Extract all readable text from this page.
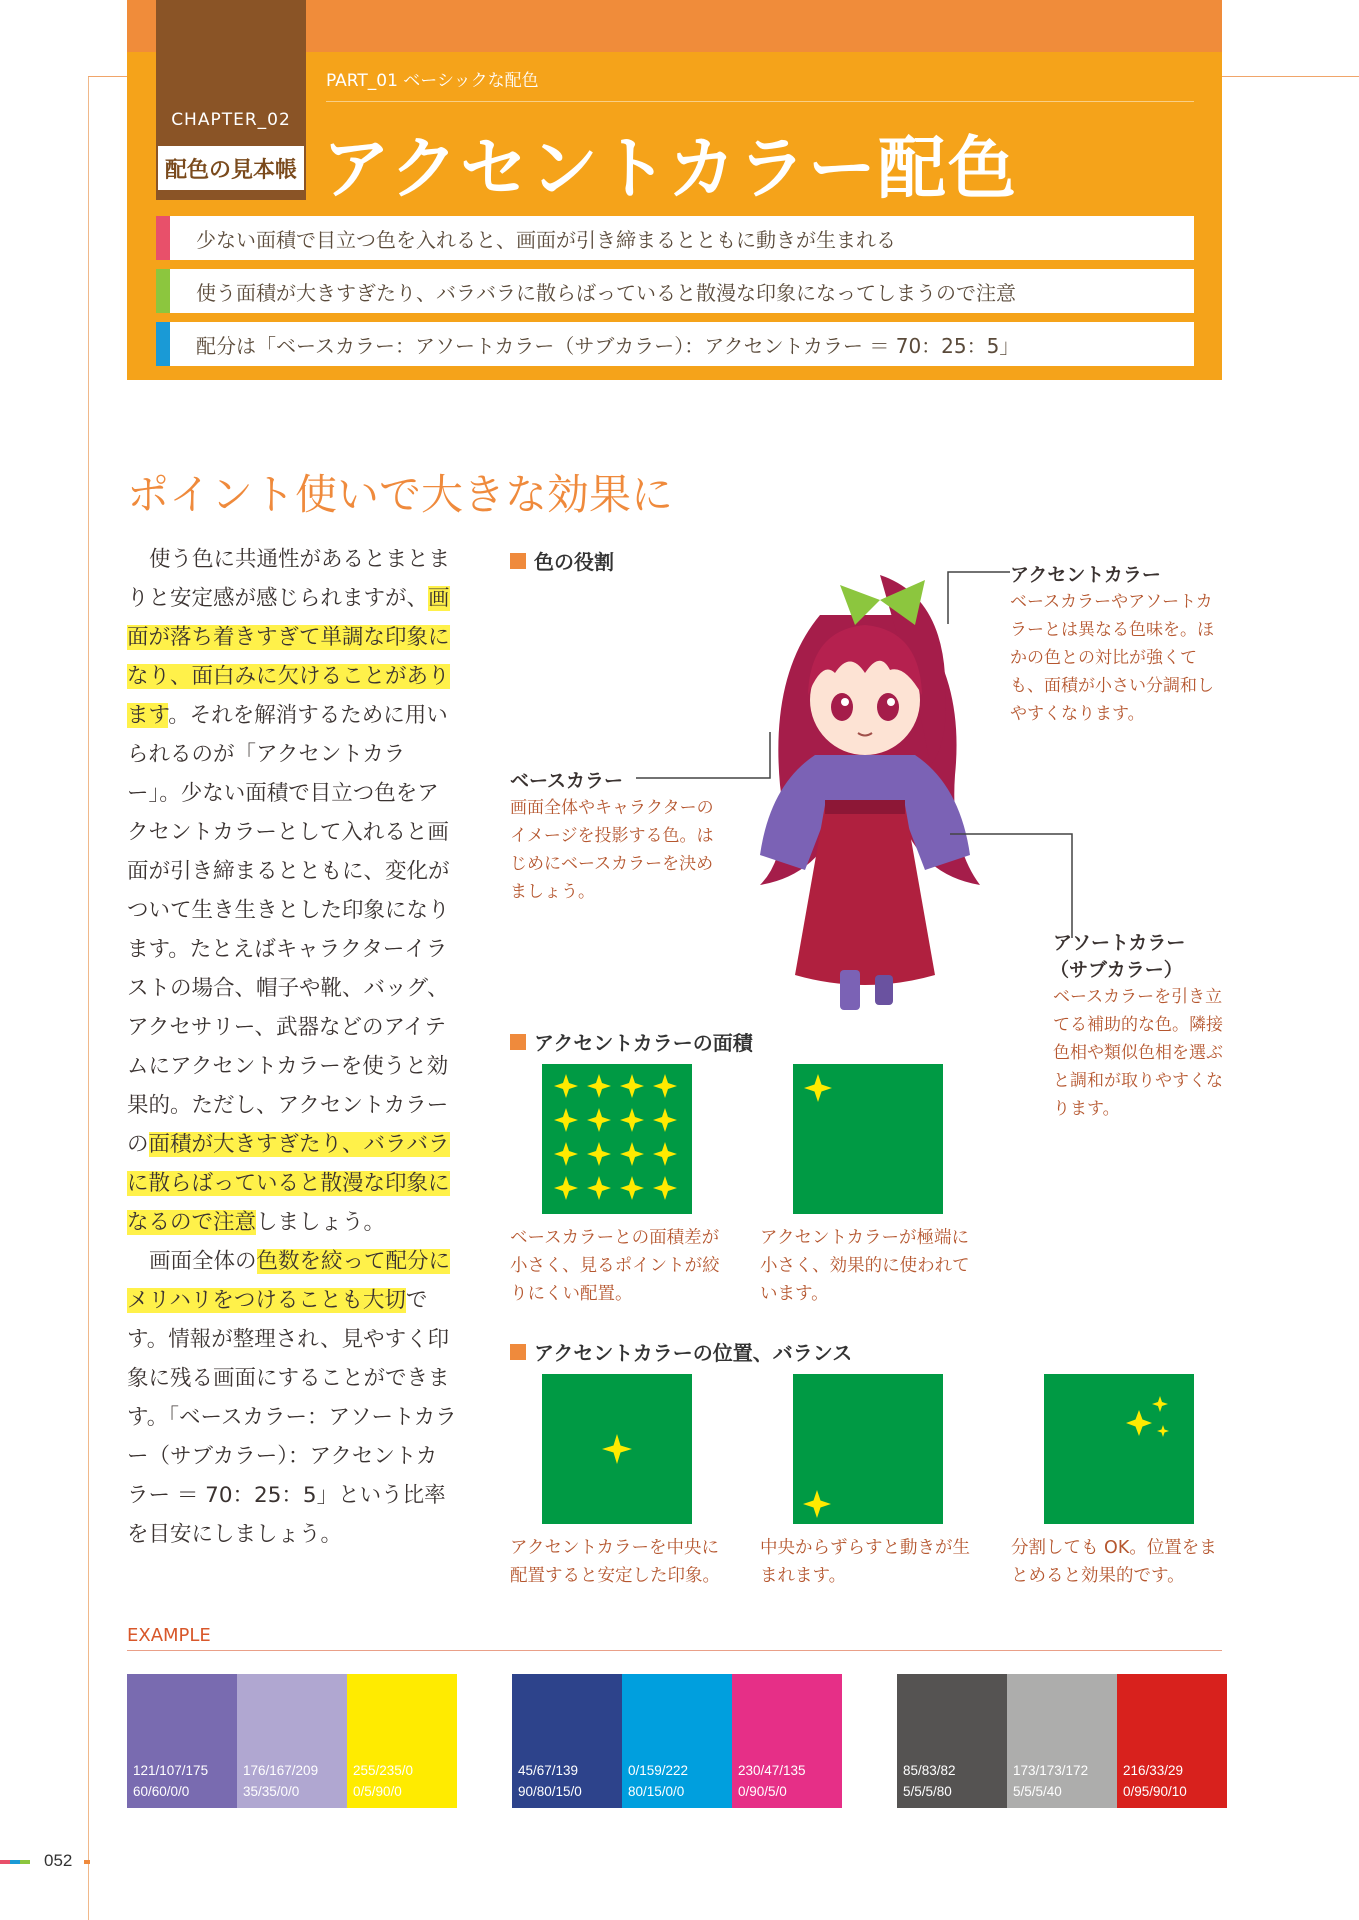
CHAPTER_02
配色の見本帳
PART_01 ベーシックな配色
アクセントカラー配色
少ない面積で目立つ色を入れると、画面が引き締まるとともに動きが生まれる
使う面積が大きすぎたり、バラバラに散らばっていると散漫な印象になってしまうので注意
配分は「ベースカラー：アソートカラー（サブカラー）：アクセントカラー ＝ 70：25：5」
ポイント使いで大きな効果に
使う色に共通性があるとまとまりと安定感が感じられますが、画面が落ち着きすぎて単調な印象になり、面白みに欠けることがあります。それを解消するために用いられるのが「アクセントカラー」。少ない面積で目立つ色をアクセントカラーとして入れると画面が引き締まるとともに、変化がついて生き生きとした印象になります。たとえばキャラクターイラストの場合、帽子や靴、バッグ、アクセサリー、武器などのアイテムにアクセントカラーを使うと効果的。ただし、アクセントカラーの面積が大きすぎたり、バラバラに散らばっていると散漫な印象になるので注意しましょう。
画面全体の色数を絞って配分にメリハリをつけることも大切です。情報が整理され、見やすく印象に残る画面にすることができます。「ベースカラー：アソートカラー（サブカラー）：アクセントカラー ＝ 70：25：5」という比率を目安にしましょう。
色の役割
アクセントカラー
ベースカラーやアソートカラーとは異なる色味を。ほかの色との対比が強くても、面積が小さい分調和しやすくなります。
ベースカラー
画面全体やキャラクターのイメージを投影する色。はじめにベースカラーを決めましょう。
アソートカラー
（サブカラー）
ベースカラーを引き立てる補助的な色。隣接色相や類似色相を選ぶと調和が取りやすくなります。
アクセントカラーの面積
ベースカラーとの面積差が小さく、見るポイントが絞りにくい配置。
アクセントカラーが極端に小さく、効果的に使われています。
アクセントカラーの位置、バランス
アクセントカラーを中央に配置すると安定した印象。
中央からずらすと動きが生まれます。
分割しても OK。位置をまとめると効果的です。
EXAMPLE
121/107/175
60/60/0/0
176/167/209
35/35/0/0
255/235/0
0/5/90/0
45/67/139
90/80/15/0
0/159/222
80/15/0/0
230/47/135
0/90/5/0
85/83/82
5/5/5/80
173/173/172
5/5/5/40
216/33/29
0/95/90/10
052
